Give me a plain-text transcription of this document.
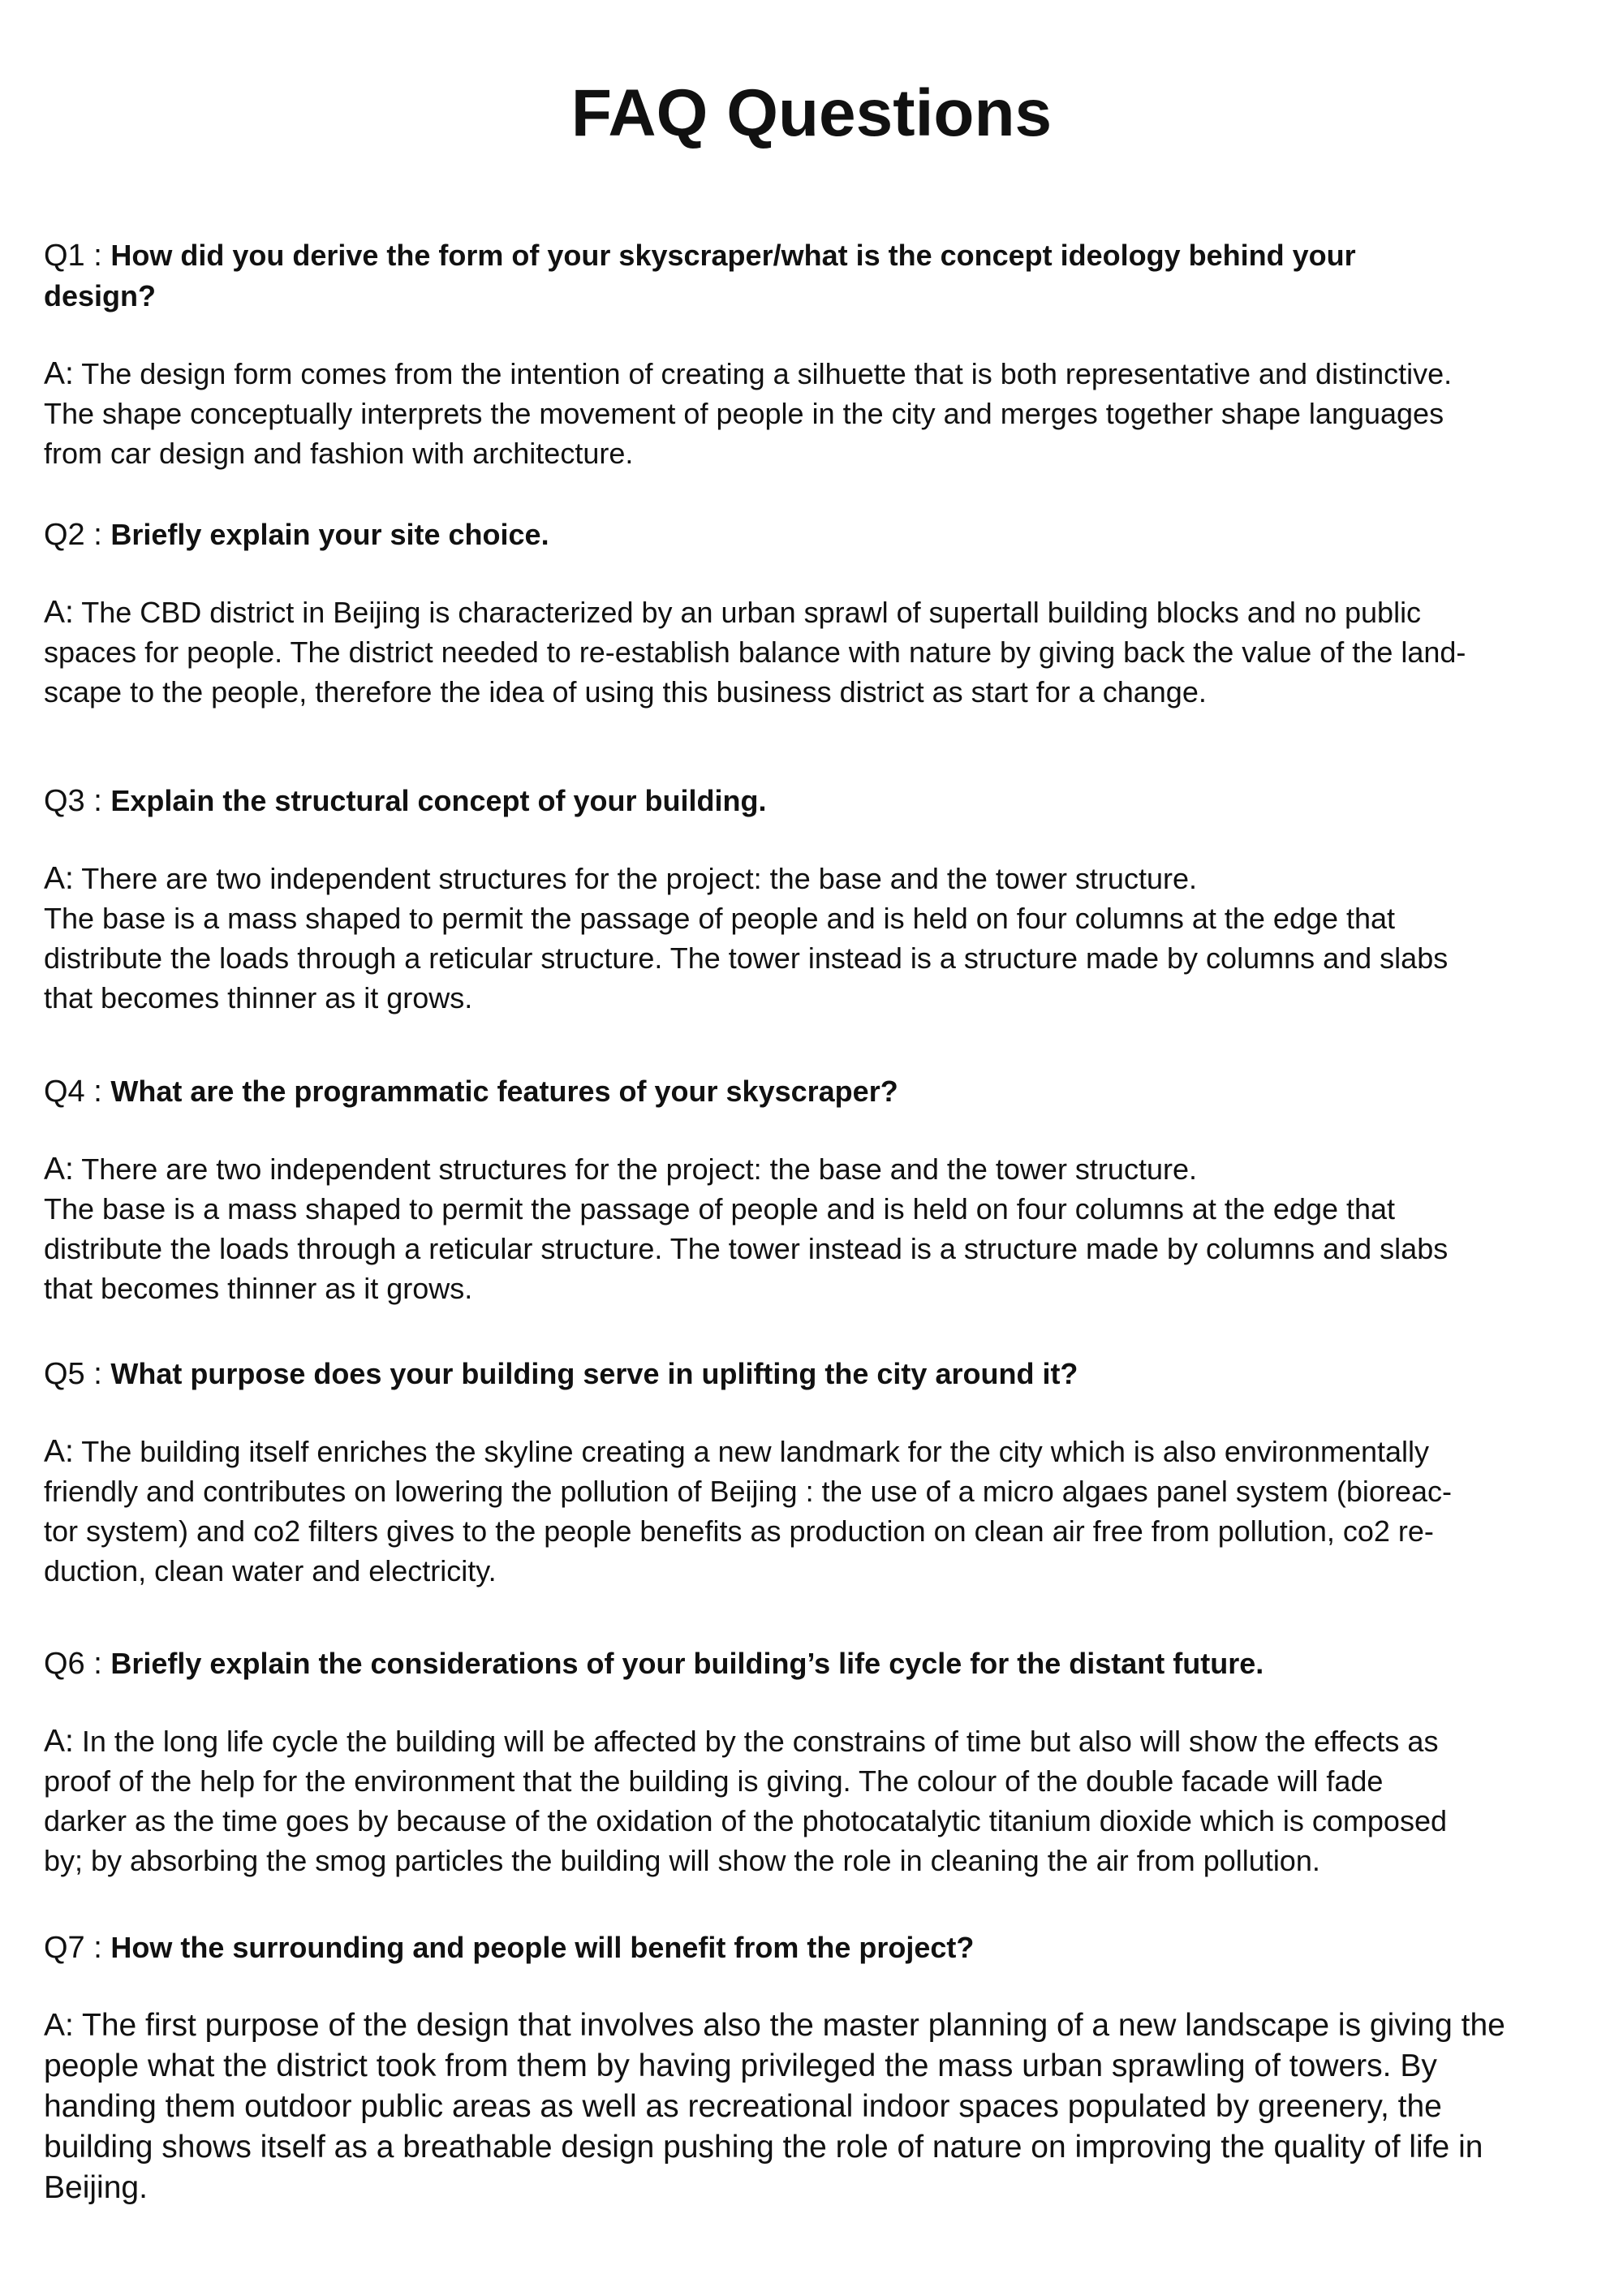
FAQ Questions
Q1 : How did you derive the form of your skyscraper/what is the concept ideology behind your
design?
A: The design form comes from the intention of creating a silhuette that is both representative and distinctive.
The shape conceptually interprets the movement of people in the city and merges together shape languages
from car design and fashion with architecture.
Q2 : Briefly explain your site choice.
A: The CBD district in Beijing is characterized by an urban sprawl of supertall building blocks and no public
spaces for people. The district needed to re-establish balance with nature by giving back the value of the land-
scape to the people, therefore the idea of using this business district as start for a change.
Q3 : Explain the structural concept of your building.
A: There are two independent structures for the project: the base and the tower structure.
The base is a mass shaped to permit the passage of people and is held on four columns at the edge that
distribute the loads through a reticular structure. The tower instead is a structure made by columns and slabs
that becomes thinner as it grows.
Q4 : What are the programmatic features of your skyscraper?
A: There are two independent structures for the project: the base and the tower structure.
The base is a mass shaped to permit the passage of people and is held on four columns at the edge that
distribute the loads through a reticular structure. The tower instead is a structure made by columns and slabs
that becomes thinner as it grows.
Q5 : What purpose does your building serve in uplifting the city around it?
A: The building itself enriches the skyline creating a new landmark for the city which is also environmentally
friendly and contributes on lowering the pollution of Beijing : the use of a micro algaes panel system (bioreac-
tor system) and co2 filters gives to the people benefits as production on clean air free from pollution, co2 re-
duction, clean water and electricity.
Q6 : Briefly explain the considerations of your building’s life cycle for the distant future.
A: In the long life cycle the building will be affected by the constrains of time but also will show the effects as
proof of the help for the environment that the building is giving. The colour of the double facade will fade
darker as the time goes by because of the oxidation of the photocatalytic titanium dioxide which is composed
by; by absorbing the smog particles the building will show the role in cleaning the air from pollution.
Q7 : How the surrounding and people will benefit from the project?
A: The first purpose of the design that involves also the master planning of a new landscape is giving the
people what the district took from them by having privileged the mass urban sprawling of towers. By
handing them outdoor public areas as well as recreational indoor spaces populated by greenery, the
building shows itself as a breathable design pushing the role of nature on improving the quality of life in
Beijing.
